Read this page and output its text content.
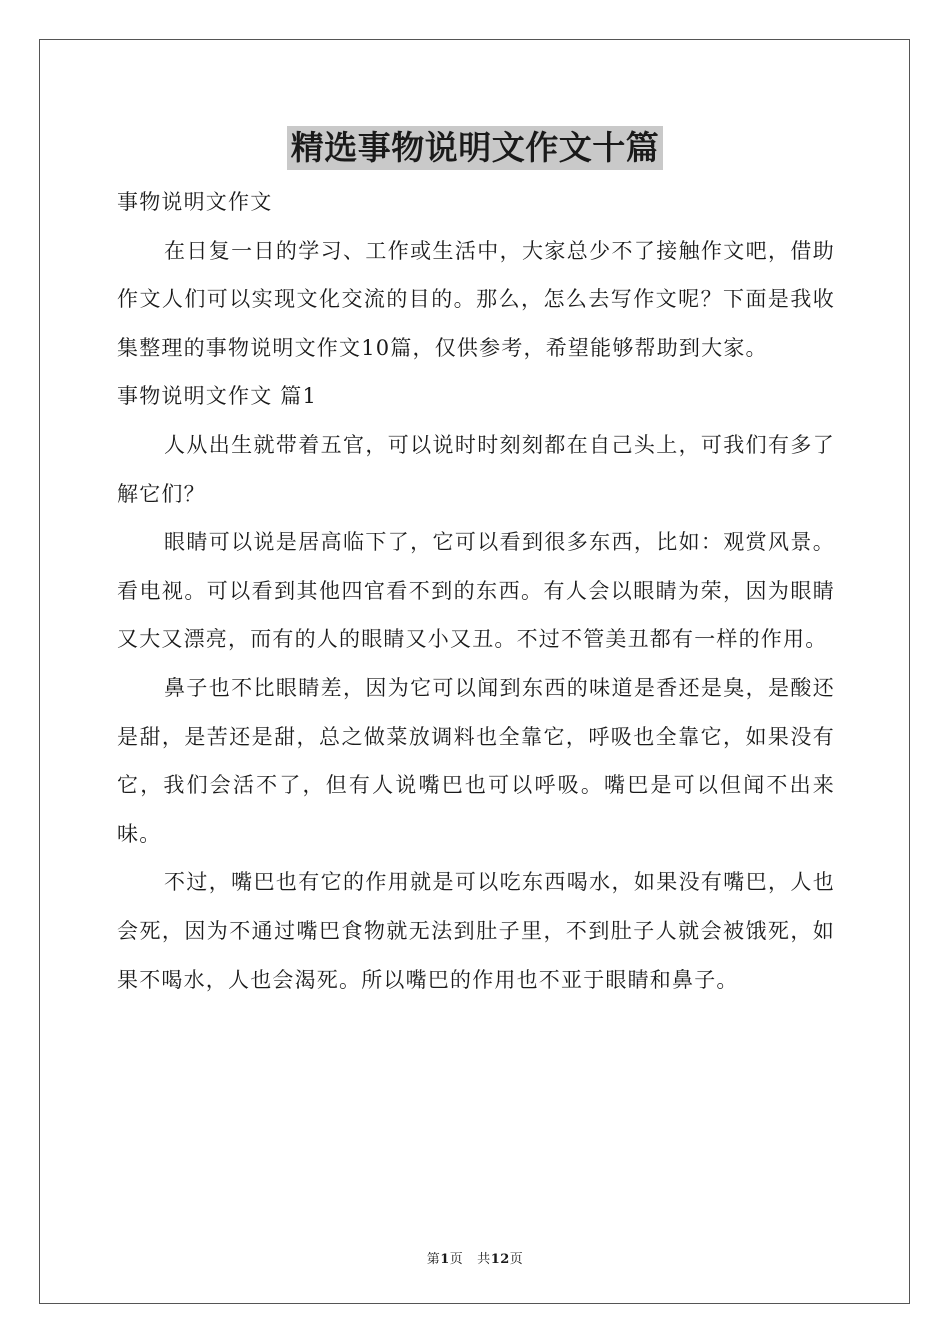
精选事物说明文作文十篇

事物说明文作文

在日复一日的学习、工作或生活中，大家总少不了接触作文吧，借助作文人们可以实现文化交流的目的。那么，怎么去写作文呢？下面是我收集整理的事物说明文作文10篇，仅供参考，希望能够帮助到大家。

事物说明文作文 篇1

人从出生就带着五官，可以说时时刻刻都在自己头上，可我们有多了解它们？

眼睛可以说是居高临下了，它可以看到很多东西，比如：观赏风景。看电视。可以看到其他四官看不到的东西。有人会以眼睛为荣，因为眼睛又大又漂亮，而有的人的眼睛又小又丑。不过不管美丑都有一样的作用。

鼻子也不比眼睛差，因为它可以闻到东西的味道是香还是臭，是酸还是甜，是苦还是甜，总之做菜放调料也全靠它，呼吸也全靠它，如果没有它，我们会活不了，但有人说嘴巴也可以呼吸。嘴巴是可以但闻不出来味。

不过，嘴巴也有它的作用就是可以吃东西喝水，如果没有嘴巴，人也会死，因为不通过嘴巴食物就无法到肚子里，不到肚子人就会被饿死，如果不喝水，人也会渴死。所以嘴巴的作用也不亚于眼睛和鼻子。

第1页 共12页
